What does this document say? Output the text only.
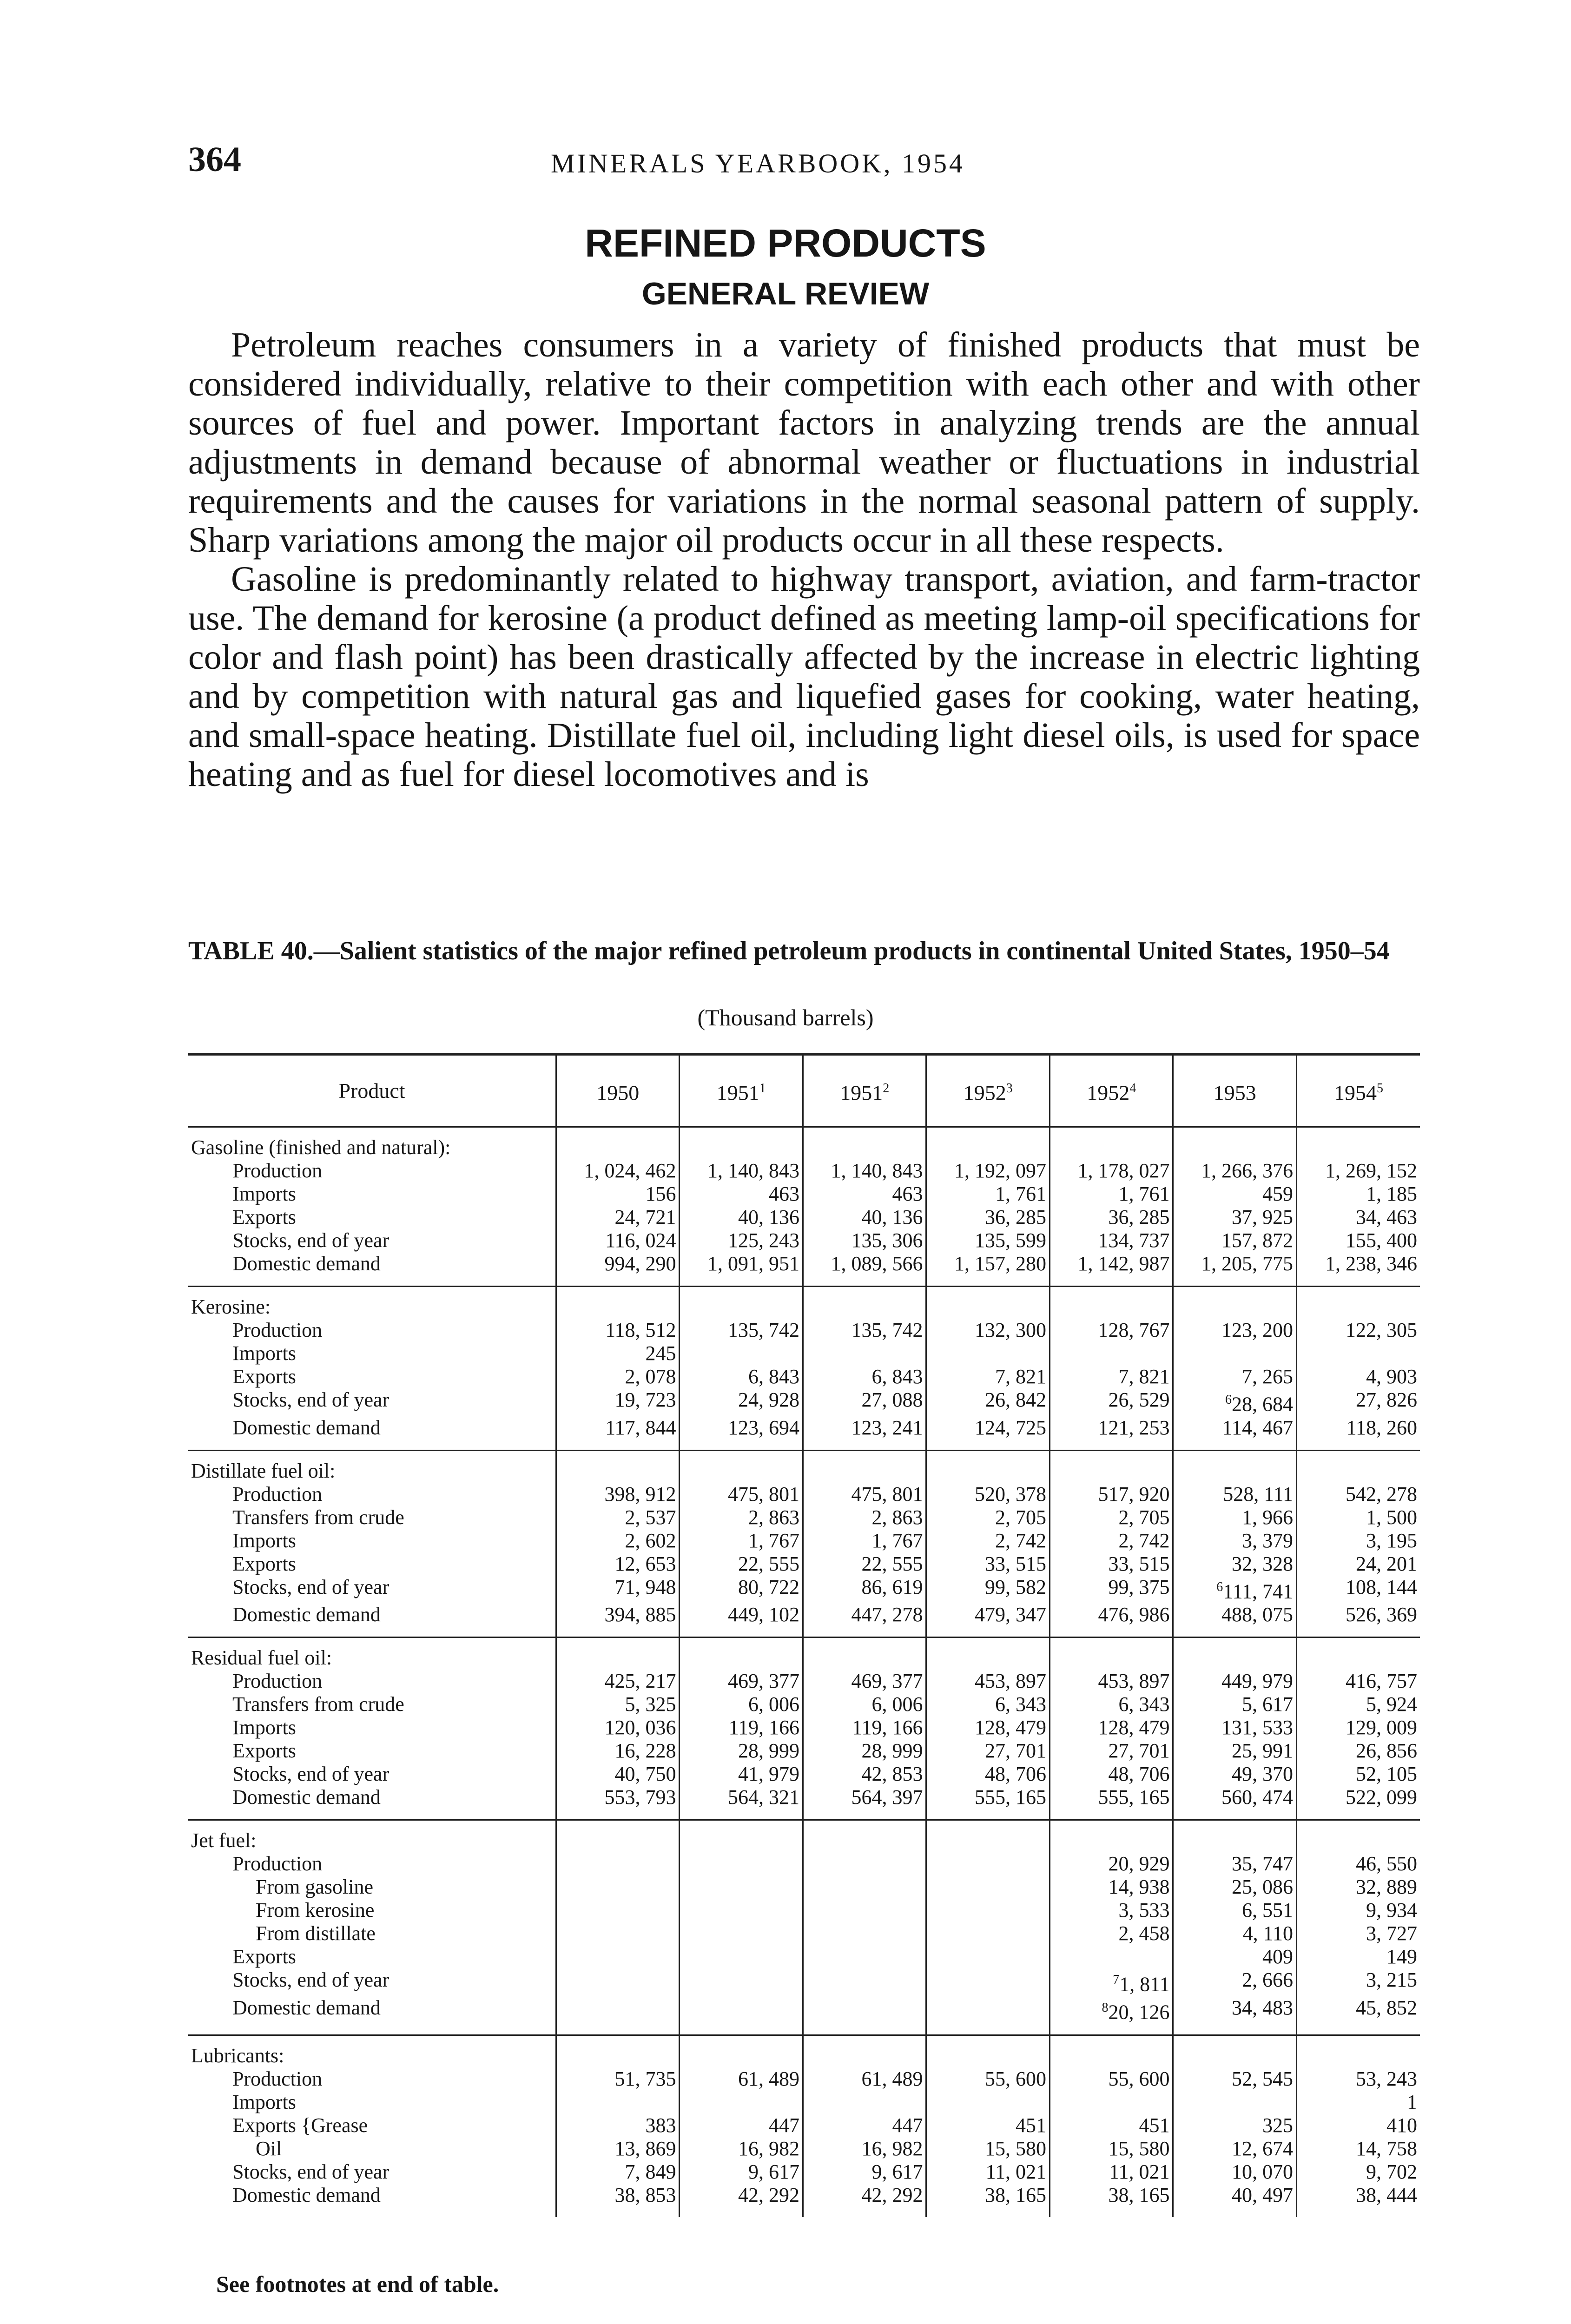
364	MINERALS YEARBOOK, 1954
REFINED PRODUCTS
GENERAL REVIEW

Petroleum reaches consumers in a variety of finished products that must be considered individually, relative to their competition with each other and with other sources of fuel and power. Important factors in analyzing trends are the annual adjustments in demand because of abnormal weather or fluctuations in industrial requirements and the causes for variations in the normal seasonal pattern of supply. Sharp variations among the major oil products occur in all these respects.

Gasoline is predominantly related to highway transport, aviation, and farm-tractor use. The demand for kerosine (a product defined as meeting lamp-oil specifications for color and flash point) has been drastically affected by the increase in electric lighting and by competition with natural gas and liquefied gases for cooking, water heating, and small-space heating. Distillate fuel oil, including light diesel oils, is used for space heating and as fuel for diesel locomotives and is

TABLE 40.—Salient statistics of the major refined petroleum products in continental United States, 1950–54
(Thousand barrels)
Product	1950	1951$^1$	1951$^2$	1952$^3$	1952$^4$	1953	1954$^5$
Gasoline (finished and natural):							
Production	1, 024, 462	1, 140, 843	1, 140, 843	1, 192, 097	1, 178, 027	1, 266, 376	1, 269, 152
Imports	156	463	463	1, 761	1, 761	459	1, 185
Exports	24, 721	40, 136	40, 136	36, 285	36, 285	37, 925	34, 463
Stocks, end of year	116, 024	125, 243	135, 306	135, 599	134, 737	157, 872	155, 400
Domestic demand	994, 290	1, 091, 951	1, 089, 566	1, 157, 280	1, 142, 987	1, 205, 775	1, 238, 346
Kerosine:							
Production	118, 512	135, 742	135, 742	132, 300	128, 767	123, 200	122, 305
Imports	245						
Exports	2, 078	6, 843	6, 843	7, 821	7, 821	7, 265	4, 903
Stocks, end of year	19, 723	24, 928	27, 088	26, 842	26, 529	$^6$28, 684	27, 826
Domestic demand	117, 844	123, 694	123, 241	124, 725	121, 253	114, 467	118, 260
Distillate fuel oil:							
Production	398, 912	475, 801	475, 801	520, 378	517, 920	528, 111	542, 278
Transfers from crude	2, 537	2, 863	2, 863	2, 705	2, 705	1, 966	1, 500
Imports	2, 602	1, 767	1, 767	2, 742	2, 742	3, 379	3, 195
Exports	12, 653	22, 555	22, 555	33, 515	33, 515	32, 328	24, 201
Stocks, end of year	71, 948	80, 722	86, 619	99, 582	99, 375	$^6$111, 741	108, 144
Domestic demand	394, 885	449, 102	447, 278	479, 347	476, 986	488, 075	526, 369
Residual fuel oil:							
Production	425, 217	469, 377	469, 377	453, 897	453, 897	449, 979	416, 757
Transfers from crude	5, 325	6, 006	6, 006	6, 343	6, 343	5, 617	5, 924
Imports	120, 036	119, 166	119, 166	128, 479	128, 479	131, 533	129, 009
Exports	16, 228	28, 999	28, 999	27, 701	27, 701	25, 991	26, 856
Stocks, end of year	40, 750	41, 979	42, 853	48, 706	48, 706	49, 370	52, 105
Domestic demand	553, 793	564, 321	564, 397	555, 165	555, 165	560, 474	522, 099
Jet fuel:							
Production					20, 929	35, 747	46, 550
From gasoline					14, 938	25, 086	32, 889
From kerosine					3, 533	6, 551	9, 934
From distillate					2, 458	4, 110	3, 727
Exports						409	149
Stocks, end of year					$^7$1, 811	2, 666	3, 215
Domestic demand					$^8$20, 126	34, 483	45, 852
Lubricants:							
Production	51, 735	61, 489	61, 489	55, 600	55, 600	52, 545	53, 243
Imports							1
Exports {Grease	383	447	447	451	451	325	410
Oil	13, 869	16, 982	16, 982	15, 580	15, 580	12, 674	14, 758
Stocks, end of year	7, 849	9, 617	9, 617	11, 021	11, 021	10, 070	9, 702
Domestic demand	38, 853	42, 292	42, 292	38, 165	38, 165	40, 497	38, 444
See footnotes at end of table.
